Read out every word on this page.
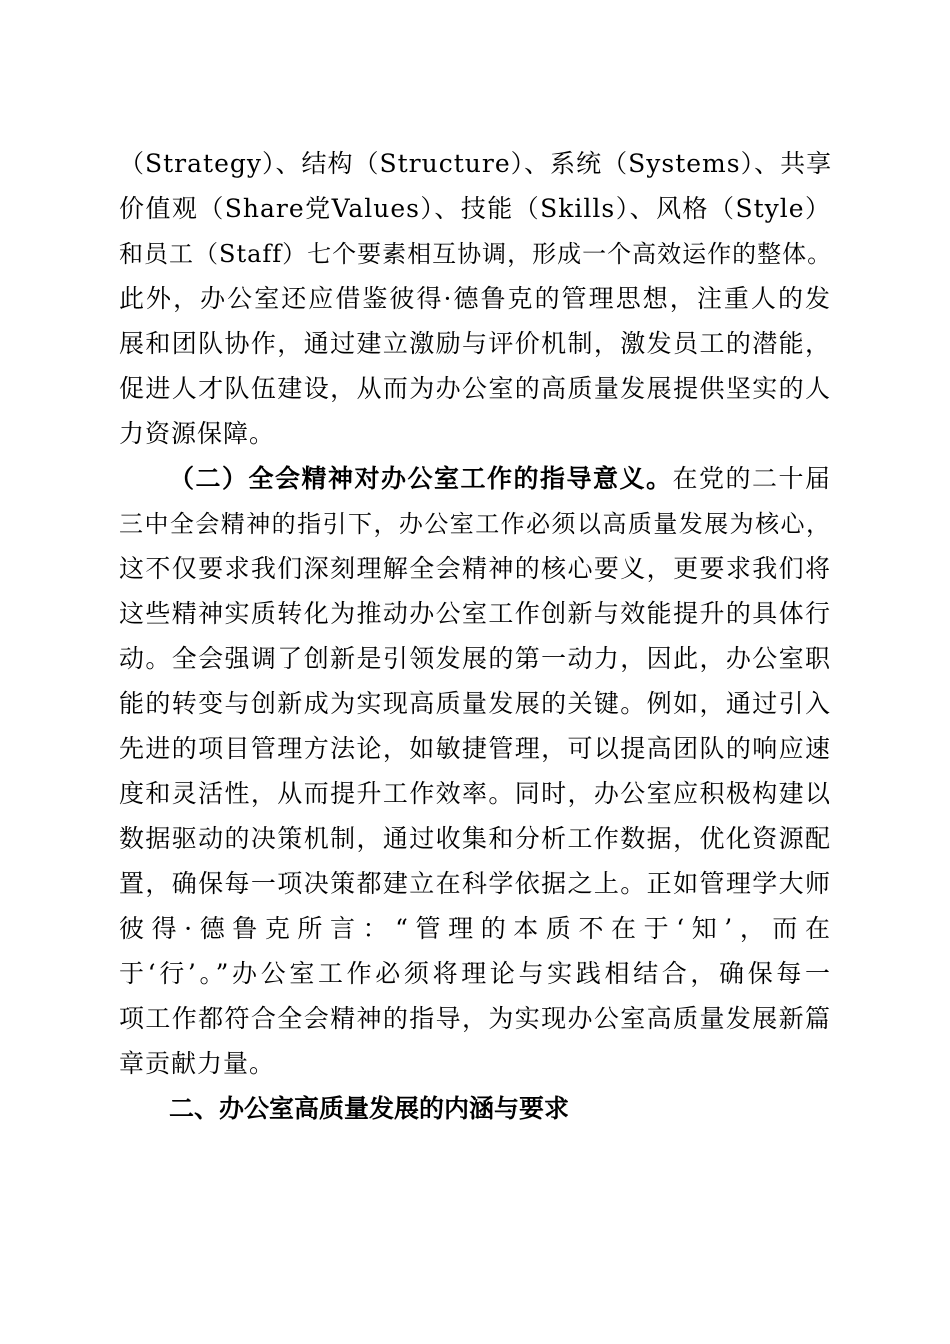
（Strategy）、结构（Structure）、系统（Systems）、共享
价值观（Share党Values）、技能（Skills）、风格（Style）
和员工（Staff）七个要素相互协调，形成一个高效运作的整体。
此外，办公室还应借鉴彼得·德鲁克的管理思想，注重人的发
展和团队协作，通过建立激励与评价机制，激发员工的潜能，
促进人才队伍建设，从而为办公室的高质量发展提供坚实的人
力资源保障。
（二）全会精神对办公室工作的指导意义。在党的二十届
三中全会精神的指引下，办公室工作必须以高质量发展为核心，
这不仅要求我们深刻理解全会精神的核心要义，更要求我们将
这些精神实质转化为推动办公室工作创新与效能提升的具体行
动。全会强调了创新是引领发展的第一动力，因此，办公室职
能的转变与创新成为实现高质量发展的关键。例如，通过引入
先进的项目管理方法论，如敏捷管理，可以提高团队的响应速
度和灵活性，从而提升工作效率。同时，办公室应积极构建以
数据驱动的决策机制，通过收集和分析工作数据，优化资源配
置，确保每一项决策都建立在科学依据之上。正如管理学大师
彼得·德鲁克所言：“管理的本质不在于‘知’，而在
于‘行’。”办公室工作必须将理论与实践相结合，确保每一
项工作都符合全会精神的指导，为实现办公室高质量发展新篇
章贡献力量。
二、办公室高质量发展的内涵与要求
